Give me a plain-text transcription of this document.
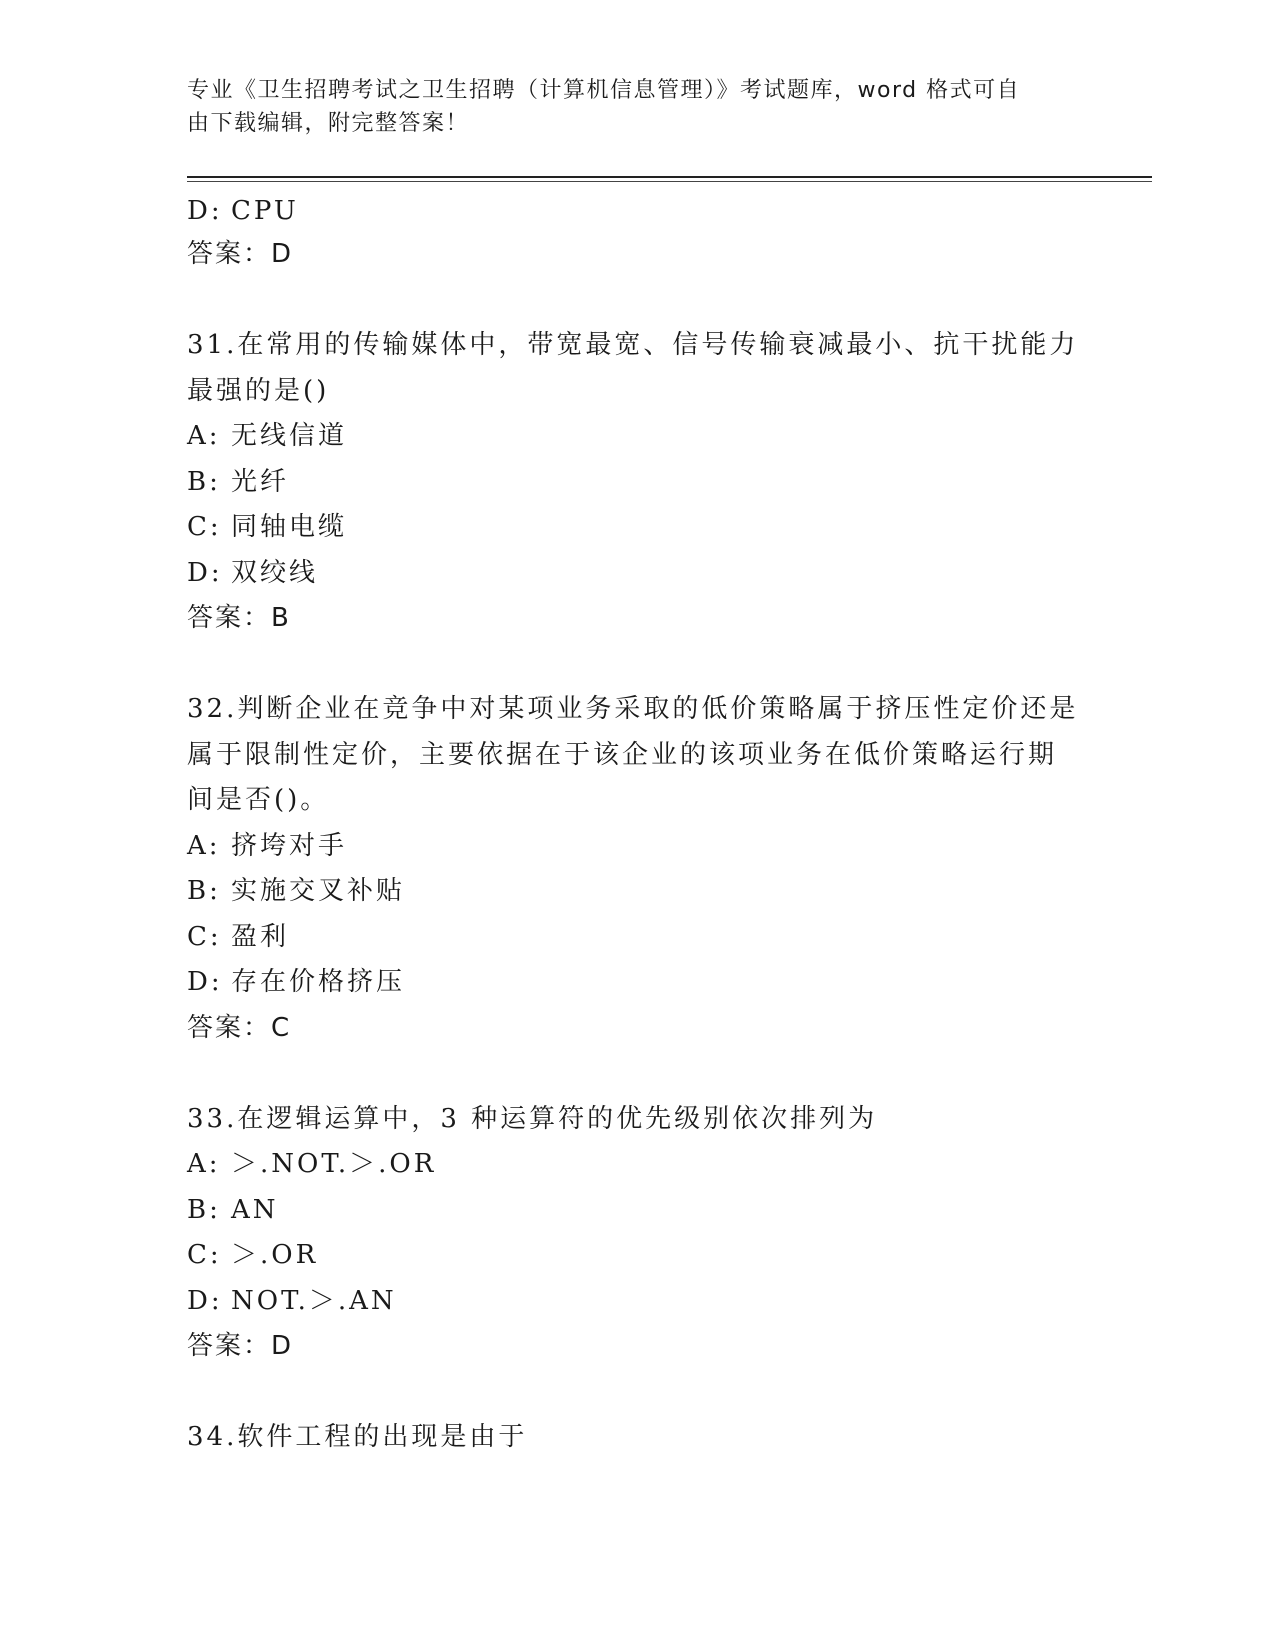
专业《卫生招聘考试之卫生招聘（计算机信息管理）》考试题库，word 格式可自
由下载编辑，附完整答案！
D: CPU
答案：D
31.在常用的传输媒体中，带宽最宽、信号传输衰减最小、抗干扰能力
最强的是()
A: 无线信道
B: 光纤
C: 同轴电缆
D: 双绞线
答案：B
32.判断企业在竞争中对某项业务采取的低价策略属于挤压性定价还是
属于限制性定价，主要依据在于该企业的该项业务在低价策略运行期
间是否()。
A: 挤垮对手
B: 实施交叉补贴
C: 盈利
D: 存在价格挤压
答案：C
33.在逻辑运算中，3 种运算符的优先级别依次排列为
A: ＞.NOT.＞.OR
B: AN
C: ＞.OR
D: NOT.＞.AN
答案：D
34.软件工程的出现是由于
